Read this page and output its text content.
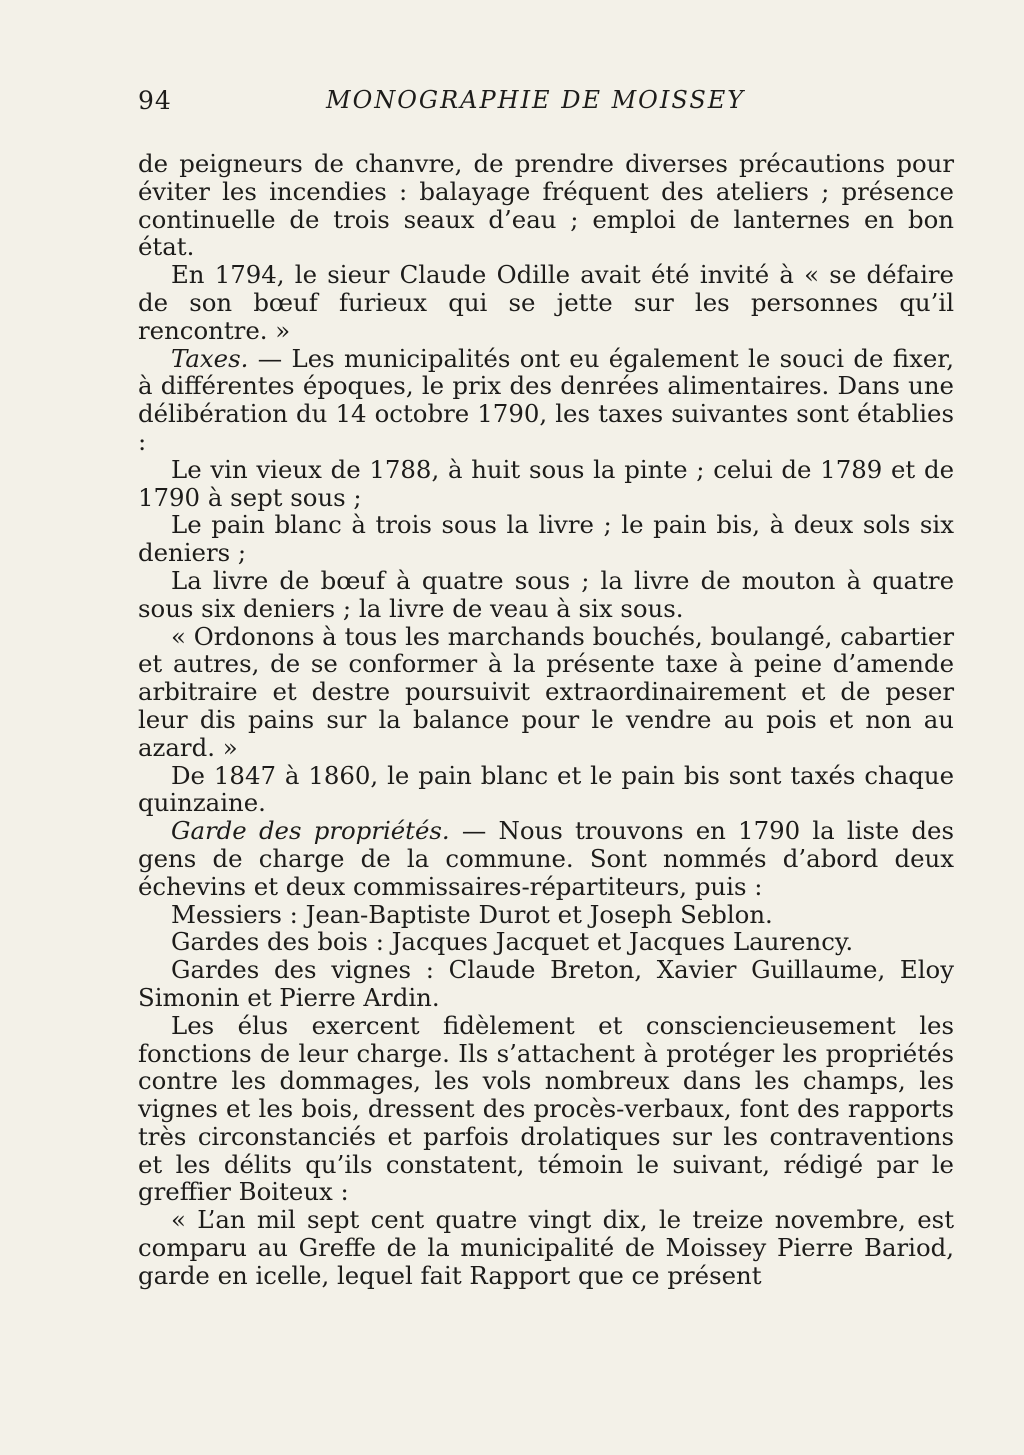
94	MONOGRAPHIE DE MOISSEY

de peigneurs de chanvre, de prendre diverses précautions pour éviter les incendies : balayage fréquent des ateliers ; présence continuelle de trois seaux d’eau ; emploi de lanternes en bon état.

En 1794, le sieur Claude Odille avait été invité à « se défaire de son bœuf furieux qui se jette sur les personnes qu’il rencontre. »

Taxes. — Les municipalités ont eu également le souci de fixer, à différentes époques, le prix des denrées alimentaires. Dans une délibération du 14 octobre 1790, les taxes suivantes sont établies :

Le vin vieux de 1788, à huit sous la pinte ; celui de 1789 et de 1790 à sept sous ;

Le pain blanc à trois sous la livre ; le pain bis, à deux sols six deniers ;

La livre de bœuf à quatre sous ; la livre de mouton à quatre sous six deniers ; la livre de veau à six sous.

« Ordonons à tous les marchands bouchés, boulangé, cabartier et autres, de se conformer à la présente taxe à peine d’amende arbitraire et destre poursuivit extraordinairement et de peser leur dis pains sur la balance pour le vendre au pois et non au azard. »

De 1847 à 1860, le pain blanc et le pain bis sont taxés chaque quinzaine.

Garde des propriétés. — Nous trouvons en 1790 la liste des gens de charge de la commune. Sont nommés d’abord deux échevins et deux commissaires-répartiteurs, puis :

Messiers : Jean-Baptiste Durot et Joseph Seblon.

Gardes des bois : Jacques Jacquet et Jacques Laurency.

Gardes des vignes : Claude Breton, Xavier Guillaume, Eloy Simonin et Pierre Ardin.

Les élus exercent fidèlement et consciencieusement les fonctions de leur charge. Ils s’attachent à protéger les propriétés contre les dommages, les vols nombreux dans les champs, les vignes et les bois, dressent des procès-verbaux, font des rapports très circonstanciés et parfois drolatiques sur les contraventions et les délits qu’ils constatent, témoin le suivant, rédigé par le greffier Boiteux :

« L’an mil sept cent quatre vingt dix, le treize novembre, est comparu au Greffe de la municipalité de Moissey Pierre Bariod, garde en icelle, lequel fait Rapport que ce présent
